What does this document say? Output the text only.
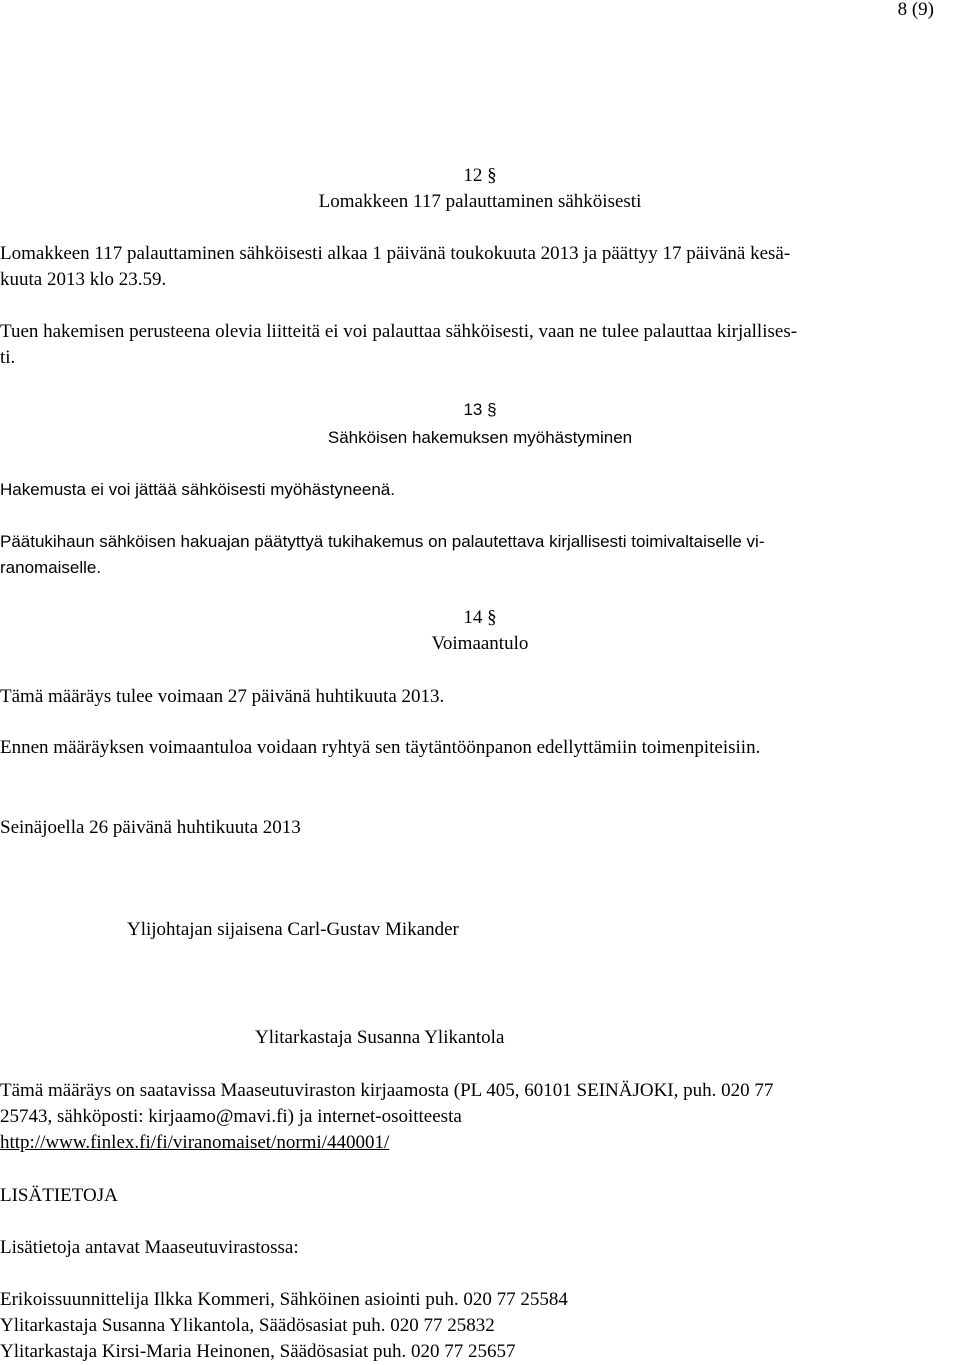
8 (9)
12 §
Lomakkeen 117 palauttaminen sähköisesti
Lomakkeen 117 palauttaminen sähköisesti alkaa 1 päivänä toukokuuta 2013 ja päättyy 17 päivänä kesä-
kuuta 2013 klo 23.59.
Tuen hakemisen perusteena olevia liitteitä ei voi palauttaa sähköisesti, vaan ne tulee palauttaa kirjallises-
ti.
13 §
Sähköisen hakemuksen myöhästyminen
Hakemusta ei voi jättää sähköisesti myöhästyneenä.
Päätukihaun sähköisen hakuajan päätyttyä tukihakemus on palautettava kirjallisesti toimivaltaiselle vi-
ranomaiselle.
14 §
Voimaantulo
Tämä määräys tulee voimaan 27 päivänä huhtikuuta 2013.
Ennen määräyksen voimaantuloa voidaan ryhtyä sen täytäntöönpanon edellyttämiin toimenpiteisiin.
Seinäjoella 26 päivänä huhtikuuta 2013
Ylijohtajan sijaisena Carl-Gustav Mikander
Ylitarkastaja Susanna Ylikantola
Tämä määräys on saatavissa Maaseutuviraston kirjaamosta (PL 405, 60101 SEINÄJOKI, puh. 020 77
25743, sähköposti: kirjaamo@mavi.fi) ja internet-osoitteesta
http://www.finlex.fi/fi/viranomaiset/normi/440001/
LISÄTIETOJA
Lisätietoja antavat Maaseutuvirastossa:
Erikoissuunnittelija Ilkka Kommeri, Sähköinen asiointi puh. 020 77 25584
Ylitarkastaja Susanna Ylikantola, Säädösasiat puh. 020 77 25832
Ylitarkastaja Kirsi-Maria Heinonen, Säädösasiat puh. 020 77 25657
